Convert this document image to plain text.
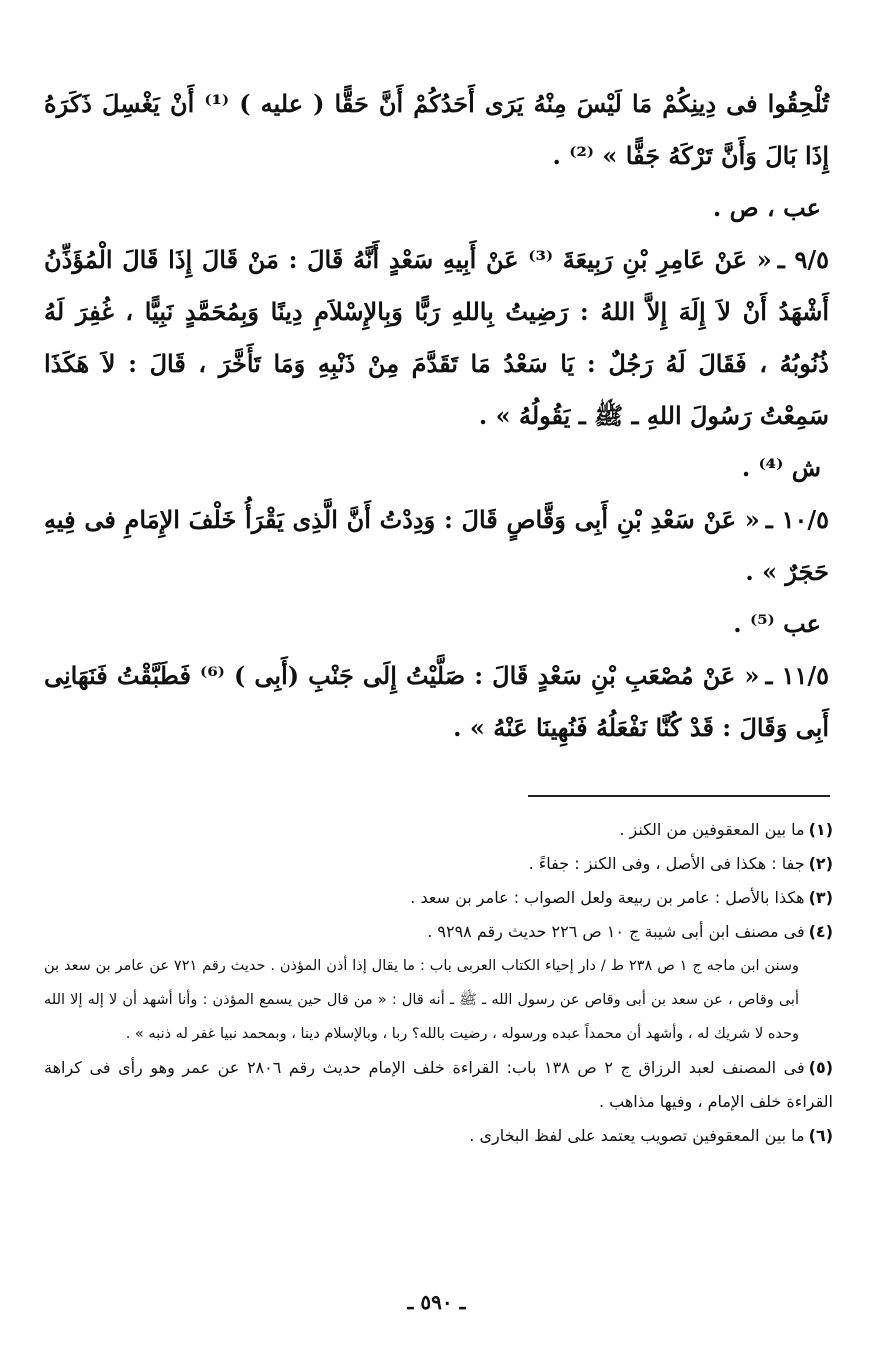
تُلْحِقُوا فى دِينِكُمْ مَا لَيْسَ مِنْهُ يَرَى أَحَدُكُمْ أَنَّ حَقًّا ( عليه ) ⁽¹⁾ أَنْ يَغْسِلَ ذَكَرَهُ إِذَا بَالَ وَأَنَّ تَرْكَهُ جَفًّا » ⁽²⁾ .

عب ، ص .

٩/٥ ـ« عَنْ عَامِرِ بْنِ رَبِيعَةَ ⁽³⁾ عَنْ أَبِيهِ سَعْدٍ أَنَّهُ قَالَ : مَنْ قَالَ إِذَا قَالَ الْمُؤَذِّنُ أَشْهَدُ أَنْ لاَ إِلَهَ إِلاَّ اللهُ : رَضِيتُ بِاللهِ رَبًّا وَبِالإِسْلاَمِ دِينًا وَبِمُحَمَّدٍ نَبِيًّا ، غُفِرَ لَهُ ذُنُوبُهُ ، فَقَالَ لَهُ رَجُلٌ : يَا سَعْدُ مَا تَقَدَّمَ مِنْ ذَنْبِهِ وَمَا تَأَخَّرَ ، قَالَ : لاَ هَكَذَا سَمِعْتُ رَسُولَ اللهِ ـ ﷺ ـ يَقُولُهُ » .

ش ⁽⁴⁾ .

١٠/٥ ـ« عَنْ سَعْدِ بْنِ أَبِى وَقَّاصٍ قَالَ : وَدِدْتُ أَنَّ الَّذِى يَقْرَأُ خَلْفَ الإِمَامِ فى فِيهِ حَجَرٌ » .

عب ⁽⁵⁾ .

١١/٥ ـ« عَنْ مُصْعَبِ بْنِ سَعْدٍ قَالَ : صَلَّيْتُ إِلَى جَنْبِ (أَبِى ) ⁽⁶⁾ فَطَبَّقْتُ فَنَهَانِى أَبِى وَقَالَ : قَدْ كُنَّا نَفْعَلُهُ فَنُهِينَا عَنْهُ » .

(١)ما بين المعقوفين من الكنز .

(٢)جفا : هكذا فى الأصل ، وفى الكنز : جفاءً .

(٣)هكذا بالأصل : عامر بن ربيعة ولعل الصواب : عامر بن سعد .

(٤)فى مصنف ابن أبى شيبة ج ١٠ ص ٢٢٦ حديث رقم ٩٢٩٨ .

وسنن ابن ماجه ج ١ ص ٢٣٨ ط / دار إحياء الكتاب العربى باب : ما يقال إذا أذن المؤذن . حديث رقم ٧٢١ عن عامر بن سعد بن أبى وقاص ، عن سعد بن أبى وقاص عن رسول الله ـ ﷺ ـ أنه قال : « من قال حين يسمع المؤذن : وأنا أشهد أن لا إله إلا الله وحده لا شريك له ، وأشهد أن محمداً عبده ورسوله ، رضيت بالله؟ ربا ، وبالإسلام دينا ، وبمحمد نبيا غفر له ذنبه » .

(٥)فى المصنف لعبد الرزاق ج ٢ ص ١٣٨ باب: القراءة خلف الإمام حديث رقم ٢٨٠٦ عن عمر وهو رأى فى كراهة القراءة خلف الإمام ، وفيها مذاهب .

(٦)ما بين المعقوفين تصويب يعتمد على لفظ البخارى .

ـ ٥٩٠ ـ
